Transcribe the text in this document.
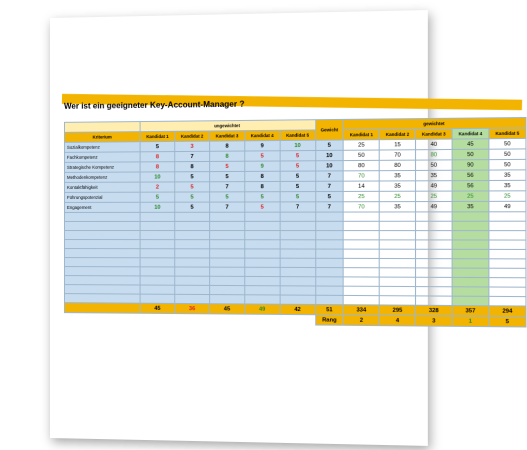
Wer ist ein geeigneter Key-Account-Manager ?
	ungewichtet					Gewicht	gewichtet				
Kriterium	Kandidat 1	Kandidat 2	Kandidat 3	Kandidat 4	Kandidat 5		Kandidat 1	Kandidat 2	Kandidat 3	Kandidat 4	Kandidat 5
Sozialkompetenz	5	3	8	9	10	5	25	15	40	45	50
Fachkompetenz	8	7	8	5	5	10	50	70	80	50	50
Strategische Kompetenz	8	8	5	9	5	10	80	80	50	90	50
Methodenkompetenz	10	5	5	8	5	7	70	35	35	56	35
Kontaktfähigkeit	2	5	7	8	5	7	14	35	49	56	35
Führungspotenzial	5	5	5	5	5	5	25	25	25	25	25
Engagement	10	5	7	5	7	7	70	35	49	35	49

	45	36	45	49	42	51	334	295	328	357	294
						Rang	2	4	3	1	5
